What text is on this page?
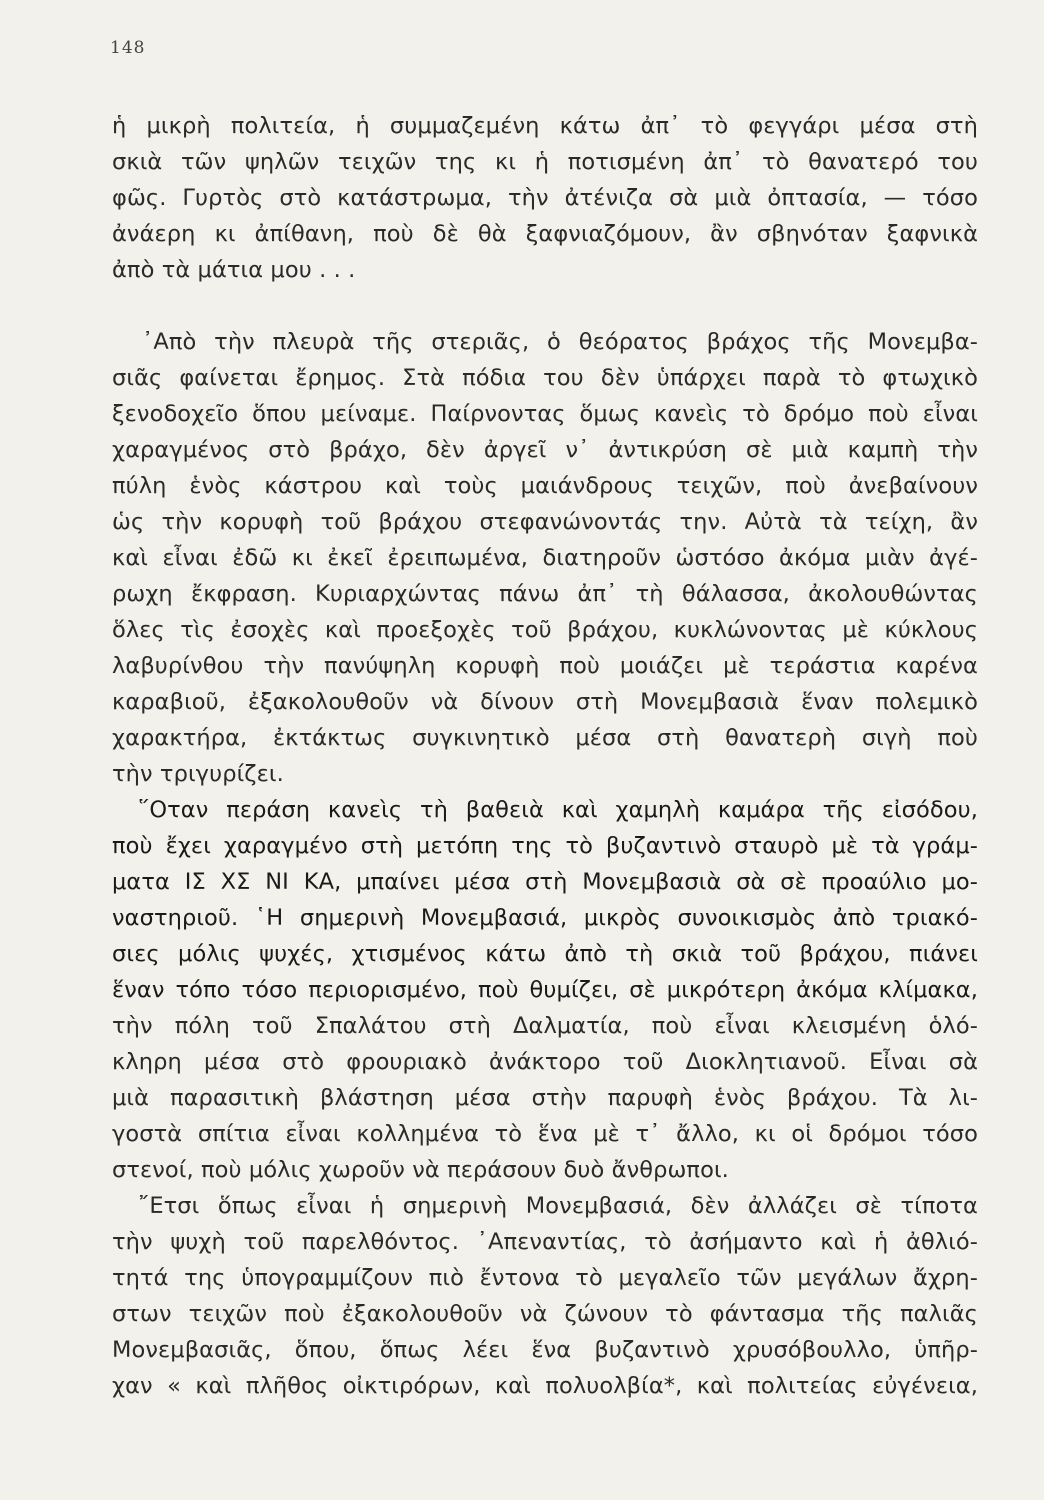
148
ἡ μικρὴ πολιτεία, ἡ συμμαζεμένη κάτω ἀπ᾿ τὸ φεγγάρι μέσα στὴ
σκιὰ τῶν ψηλῶν τειχῶν της κι ἡ ποτισμένη ἀπ᾿ τὸ θανατερό του
φῶς. Γυρτὸς στὸ κατάστρωμα, τὴν ἀτένιζα σὰ μιὰ ὀπτασία, — τόσο
ἀνάερη κι ἀπίθανη, ποὺ δὲ θὰ ξαφνιαζόμουν, ἂν σβηνόταν ξαφνικὰ
ἀπὸ τὰ μάτια μου . . .
᾿Απὸ τὴν πλευρὰ τῆς στεριᾶς, ὁ θεόρατος βράχος τῆς Μονεμβα-
σιᾶς φαίνεται ἔρημος. Στὰ πόδια του δὲν ὑπάρχει παρὰ τὸ φτωχικὸ
ξενοδοχεῖο ὅπου μείναμε. Παίρνοντας ὅμως κανεὶς τὸ δρόμο ποὺ εἶναι
χαραγμένος στὸ βράχο, δὲν ἀργεῖ ν᾿ ἀντικρύση σὲ μιὰ καμπὴ τὴν
πύλη ἑνὸς κάστρου καὶ τοὺς μαιάνδρους τειχῶν, ποὺ ἀνεβαίνουν
ὡς τὴν κορυφὴ τοῦ βράχου στεφανώνοντάς την. Αὐτὰ τὰ τείχη, ἂν
καὶ εἶναι ἐδῶ κι ἐκεῖ ἐρειπωμένα, διατηροῦν ὡστόσο ἀκόμα μιὰν ἀγέ-
ρωχη ἔκφραση. Κυριαρχώντας πάνω ἀπ᾿ τὴ θάλασσα, ἀκολουθώντας
ὅλες τὶς ἐσοχὲς καὶ προεξοχὲς τοῦ βράχου, κυκλώνοντας μὲ κύκλους
λαβυρίνθου τὴν πανύψηλη κορυφὴ ποὺ μοιάζει μὲ τεράστια καρένα
καραβιοῦ, ἐξακολουθοῦν νὰ δίνουν στὴ Μονεμβασιὰ ἕναν πολεμικὸ
χαρακτήρα, ἐκτάκτως συγκινητικὸ μέσα στὴ θανατερὴ σιγὴ ποὺ
τὴν τριγυρίζει.
῞Οταν περάση κανεὶς τὴ βαθειὰ καὶ χαμηλὴ καμάρα τῆς εἰσόδου,
ποὺ ἔχει χαραγμένο στὴ μετόπη της τὸ βυζαντινὸ σταυρὸ μὲ τὰ γράμ-
ματα ΙΣ ΧΣ ΝΙ ΚΑ, μπαίνει μέσα στὴ Μονεμβασιὰ σὰ σὲ προαύλιο μο-
ναστηριοῦ. ῾Η σημερινὴ Μονεμβασιά, μικρὸς συνοικισμὸς ἀπὸ τριακό-
σιες μόλις ψυχές, χτισμένος κάτω ἀπὸ τὴ σκιὰ τοῦ βράχου, πιάνει
ἕναν τόπο τόσο περιορισμένο, ποὺ θυμίζει, σὲ μικρότερη ἀκόμα κλίμακα,
τὴν πόλη τοῦ Σπαλάτου στὴ Δαλματία, ποὺ εἶναι κλεισμένη ὁλό-
κληρη μέσα στὸ φρουριακὸ ἀνάκτορο τοῦ Διοκλητιανοῦ. Εἶναι σὰ
μιὰ παρασιτικὴ βλάστηση μέσα στὴν παρυφὴ ἑνὸς βράχου. Τὰ λι-
γοστὰ σπίτια εἶναι κολλημένα τὸ ἕνα μὲ τ᾿ ἄλλο, κι οἱ δρόμοι τόσο
στενοί, ποὺ μόλις χωροῦν νὰ περάσουν δυὸ ἄνθρωποι.
῎Ετσι ὅπως εἶναι ἡ σημερινὴ Μονεμβασιά, δὲν ἀλλάζει σὲ τίποτα
τὴν ψυχὴ τοῦ παρελθόντος. ᾿Απεναντίας, τὸ ἀσήμαντο καὶ ἡ ἀθλιό-
τητά της ὑπογραμμίζουν πιὸ ἔντονα τὸ μεγαλεῖο τῶν μεγάλων ἄχρη-
στων τειχῶν ποὺ ἐξακολουθοῦν νὰ ζώνουν τὸ φάντασμα τῆς παλιᾶς
Μονεμβασιᾶς, ὅπου, ὅπως λέει ἕνα βυζαντινὸ χρυσόβουλλο, ὑπῆρ-
χαν « καὶ πλῆθος οἰκτιρόρων, καὶ πολυολβία*, καὶ πολιτείας εὐγένεια,
